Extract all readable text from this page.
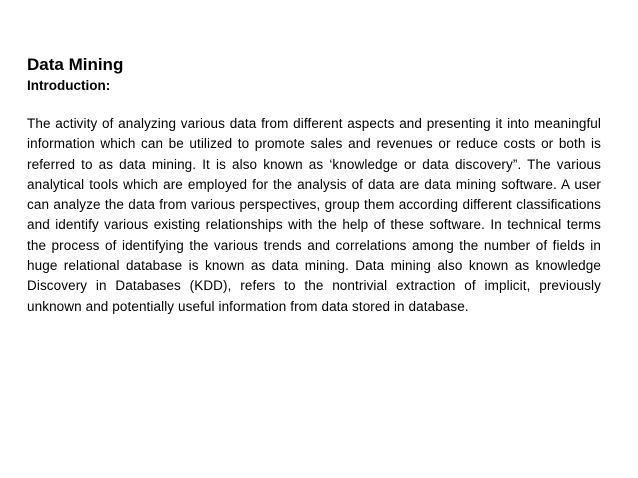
Data Mining
Introduction:

The activity of analyzing various data from different aspects and presenting it into meaningful information which can be utilized to promote sales and revenues or reduce costs or both is referred to as data mining. It is also known as ‘knowledge or data discovery”. The various analytical tools which are employed for the analysis of data are data mining software. A user can analyze the data from various perspectives, group them according different classifications and identify various existing relationships with the help of these software. In technical terms the process of identifying the various trends and correlations among the number of fields in huge relational database is known as data mining. Data mining also known as knowledge Discovery in Databases (KDD), refers to the nontrivial extraction of implicit, previously unknown and potentially useful information from data stored in database.
